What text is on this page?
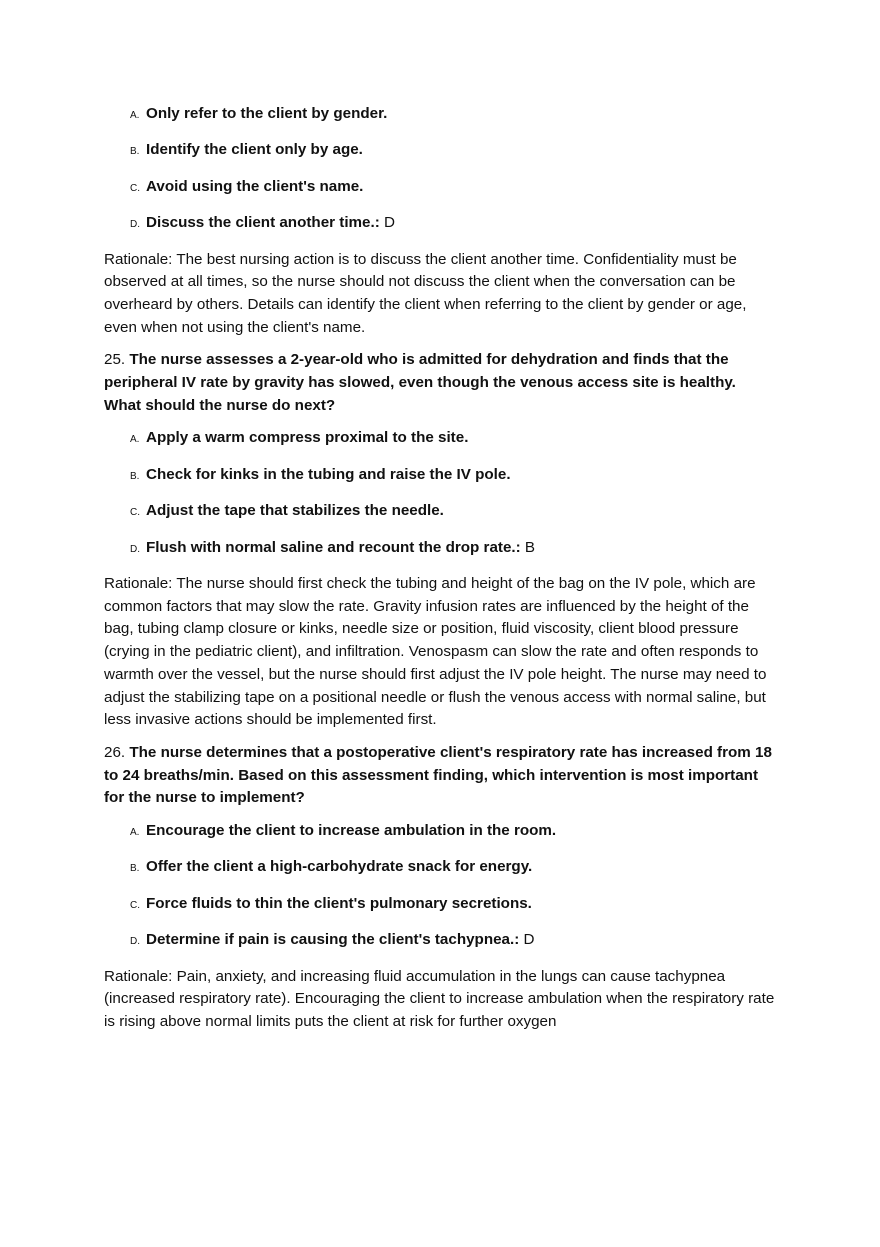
A. Only refer to the client by gender.
B. Identify the client only by age.
C. Avoid using the client's name.
D. Discuss the client another time.: D

Rationale: The best nursing action is to discuss the client another time. Confidentiality must be observed at all times, so the nurse should not discuss the client when the conversation can be overheard by others. Details can identify the client when referring to the client by gender or age, even when not using the client's name.

25. The nurse assesses a 2-year-old who is admitted for dehydration and finds that the peripheral IV rate by gravity has slowed, even though the venous access site is healthy. What should the nurse do next?

A. Apply a warm compress proximal to the site.
B. Check for kinks in the tubing and raise the IV pole.
C. Adjust the tape that stabilizes the needle.
D. Flush with normal saline and recount the drop rate.: B

Rationale: The nurse should first check the tubing and height of the bag on the IV pole, which are common factors that may slow the rate. Gravity infusion rates are influenced by the height of the bag, tubing clamp closure or kinks, needle size or position, fluid viscosity, client blood pressure (crying in the pediatric client), and infiltration. Venospasm can slow the rate and often responds to warmth over the vessel, but the nurse should first adjust the IV pole height. The nurse may need to adjust the stabilizing tape on a positional needle or flush the venous access with normal saline, but less invasive actions should be implemented first.

26. The nurse determines that a postoperative client's respiratory rate has increased from 18 to 24 breaths/min. Based on this assessment finding, which intervention is most important for the nurse to implement?

A. Encourage the client to increase ambulation in the room.
B. Offer the client a high-carbohydrate snack for energy.
C. Force fluids to thin the client's pulmonary secretions.
D. Determine if pain is causing the client's tachypnea.: D

Rationale: Pain, anxiety, and increasing fluid accumulation in the lungs can cause tachypnea (increased respiratory rate). Encouraging the client to increase ambulation when the respiratory rate is rising above normal limits puts the client at risk for further oxygen
